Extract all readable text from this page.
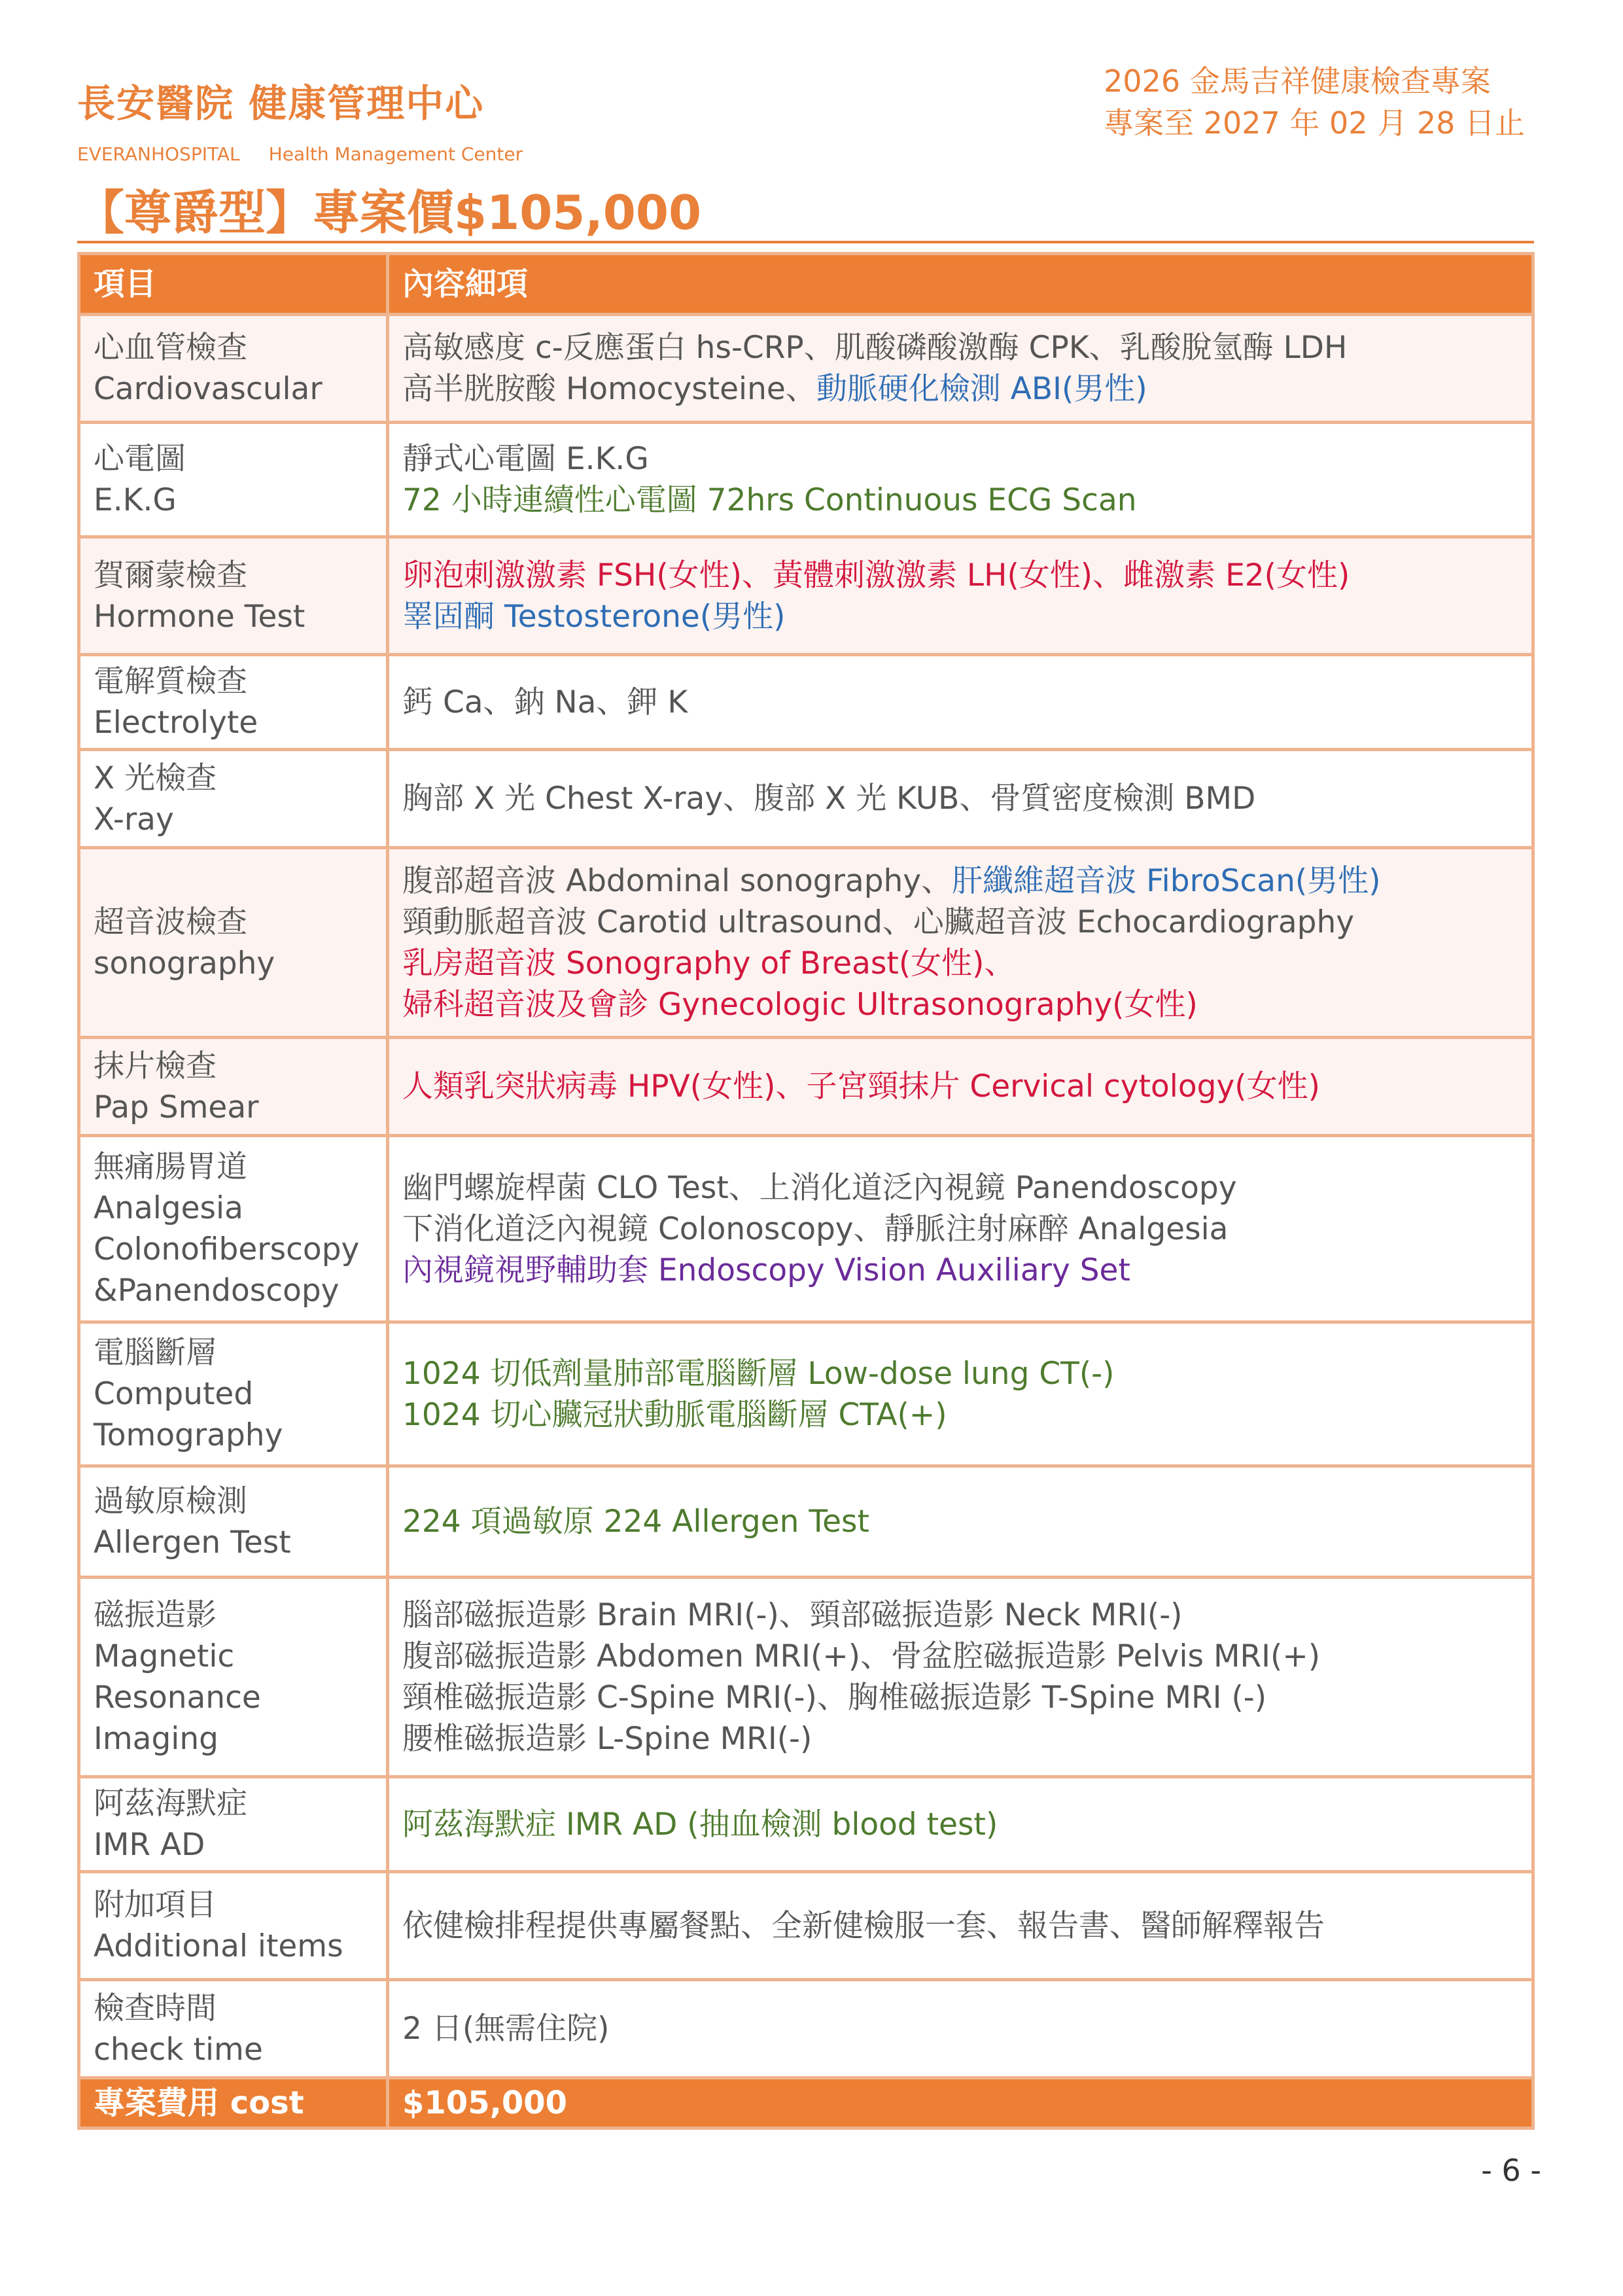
長安醫院 健康管理中心
EVERANHOSPITAL Health Management Center
2026 金馬吉祥健康檢查專案
專案至 2027 年 02 月 28 日止
【尊爵型】專案價$105,000
項目	內容細項

心血管檢查
Cardiovascular	高敏感度 c-反應蛋白 hs-CRP、肌酸磷酸激酶 CPK、乳酸脫氫酶 LDH
高半胱胺酸 Homocysteine、動脈硬化檢測 ABI(男性)

心電圖
E.K.G	靜式心電圖 E.K.G
72 小時連續性心電圖 72hrs Continuous ECG Scan

賀爾蒙檢查
Hormone Test	卵泡刺激激素 FSH(女性)、黃體刺激激素 LH(女性)、雌激素 E2(女性)
睪固酮 Testosterone(男性)

電解質檢查
Electrolyte	鈣 Ca、鈉 Na、鉀 K

X 光檢查
X-ray	胸部 X 光 Chest X-ray、腹部 X 光 KUB、骨質密度檢測 BMD

超音波檢查
sonography	腹部超音波 Abdominal sonography、肝纖維超音波 FibroScan(男性)
頸動脈超音波 Carotid ultrasound、心臟超音波 Echocardiography
乳房超音波 Sonography of Breast(女性)、
婦科超音波及會診 Gynecologic Ultrasonography(女性)

抹片檢查
Pap Smear	人類乳突狀病毒 HPV(女性)、子宮頸抹片 Cervical cytology(女性)

無痛腸胃道
Analgesia
Colonofiberscopy
&Panendoscopy	幽門螺旋桿菌 CLO Test、上消化道泛內視鏡 Panendoscopy
下消化道泛內視鏡 Colonoscopy、靜脈注射麻醉 Analgesia
內視鏡視野輔助套 Endoscopy Vision Auxiliary Set

電腦斷層
Computed
Tomography	1024 切低劑量肺部電腦斷層 Low-dose lung CT(-)
1024 切心臟冠狀動脈電腦斷層 CTA(+)

過敏原檢測
Allergen Test	224 項過敏原 224 Allergen Test

磁振造影
Magnetic
Resonance
Imaging	腦部磁振造影 Brain MRI(-)、頸部磁振造影 Neck MRI(-)
腹部磁振造影 Abdomen MRI(+)、骨盆腔磁振造影 Pelvis MRI(+)
頸椎磁振造影 C-Spine MRI(-)、胸椎磁振造影 T-Spine MRI (-)
腰椎磁振造影 L-Spine MRI(-)

阿茲海默症
IMR AD	阿茲海默症 IMR AD (抽血檢測 blood test)

附加項目
Additional items	依健檢排程提供專屬餐點、全新健檢服一套、報告書、醫師解釋報告

檢查時間
check time	2 日(無需住院)

專案費用 cost	$105,000
- 6 -
